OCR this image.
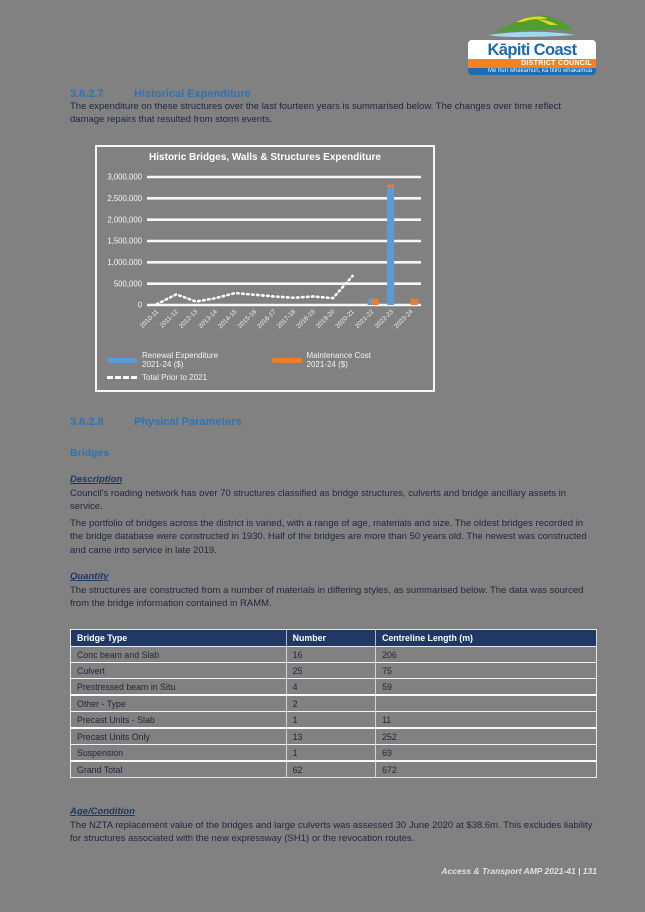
Kāpiti Coast
DISTRICT COUNCIL
Me huri whakamuri, ka titiro whakamua
3.6.2.7	Historical Expenditure

The expenditure on these structures over the last fourteen years is summarised below. The changes over time reflect damage repairs that resulted from storm events.

Historic Bridges, Walls & Structures Expenditure
0
500,000
1,000,000
1,500,000
2,000,000
2,500,000
3,000,000
2010-11
2011-12
2012-13
2013-14
2014-15
2015-16
2016-17
2017-18
2018-19
2019-20
2020-21
2021-22
2022-23
2023-24
Renewal Expenditure 2021-24 ($)
Maintenance Cost 2021-24 ($)
Total Prior to 2021
3.6.2.8	Physical Parameters
Bridges
Description

Council's roading network has over 70 structures classified as bridge structures, culverts and bridge ancillary assets in service.

The portfolio of bridges across the district is varied, with a range of age, materials and size. The oldest bridges recorded in the bridge database were constructed in 1930. Half of the bridges are more than 50 years old. The newest was constructed and came into service in late 2019.

Quantity

The structures are constructed from a number of materials in differing styles, as summarised below. The data was sourced from the bridge information contained in RAMM.

Bridge Type	Number	Centreline Length (m)
Conc beam and Slab	16	206
Culvert	25	75
Prestressed beam in Situ	4	59
Other - Type	2	
Precast Units - Slab	1	11
Precast Units Only	13	252
Suspension	1	69
Grand Total	62	672
Age/Condition

The NZTA replacement value of the bridges and large culverts was assessed 30 June 2020 at $38.6m. This excludes liability for structures associated with the new expressway (SH1) or the revocation routes.

Access & Transport AMP 2021-41 | 131
